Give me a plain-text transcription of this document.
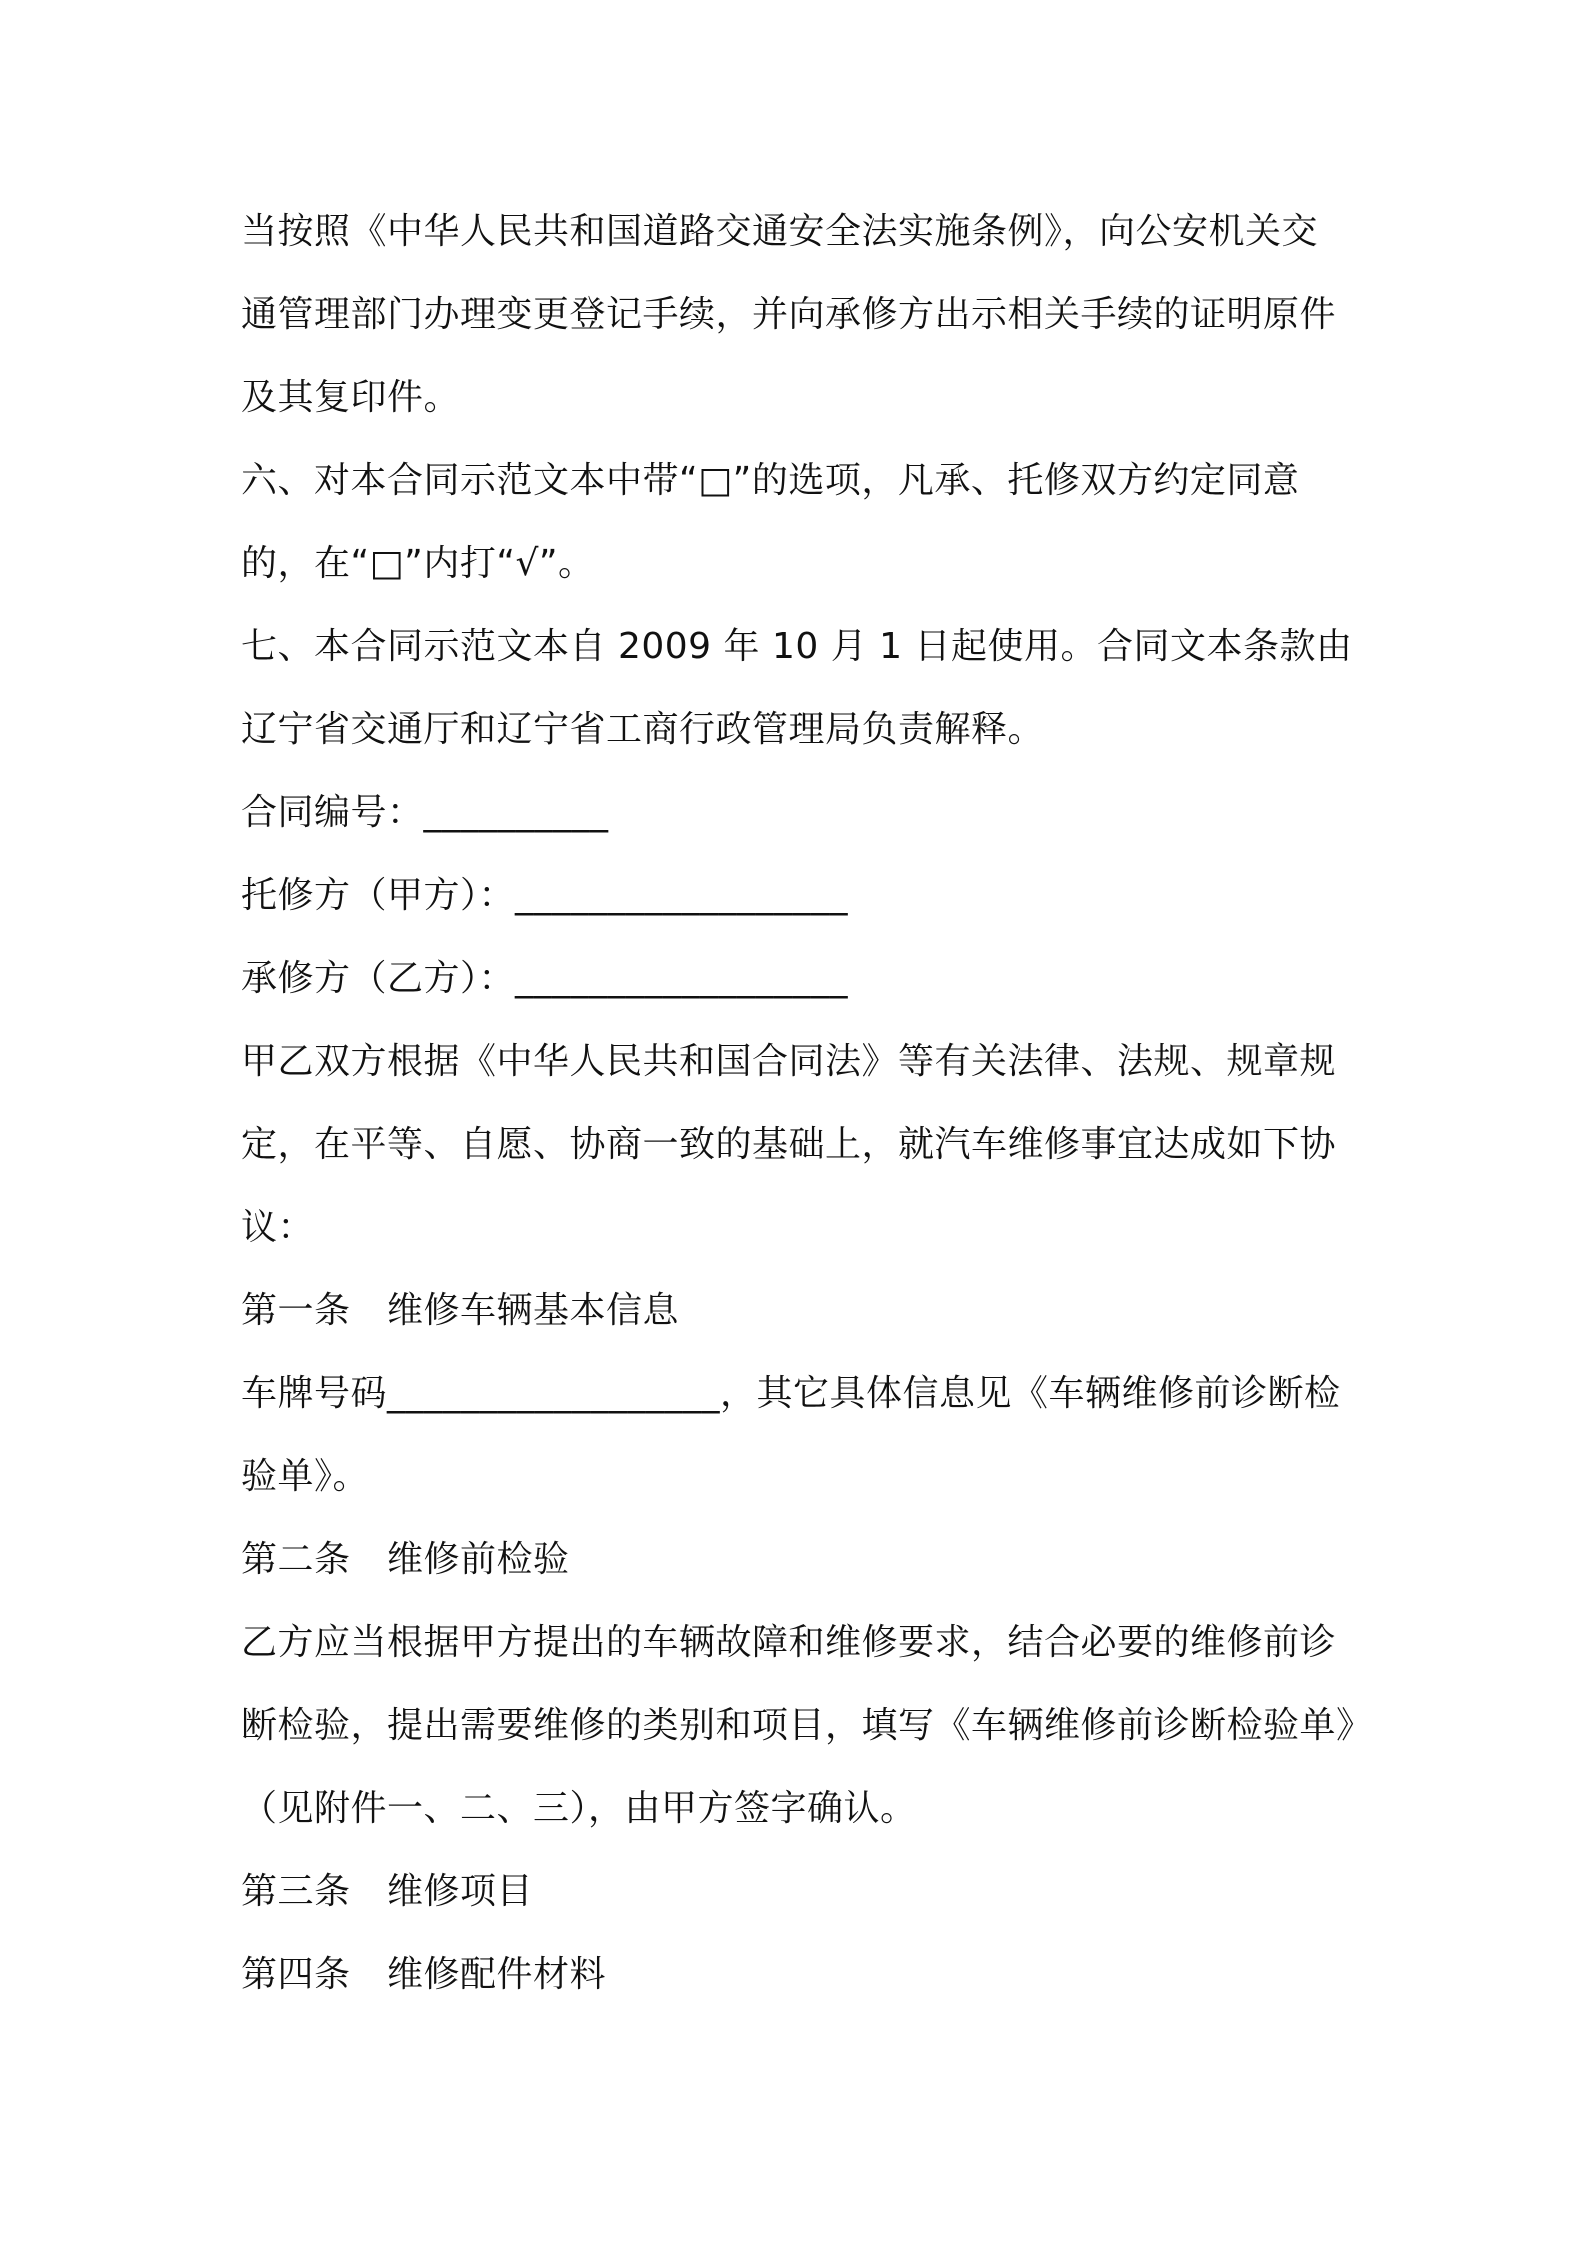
当按照《中华人民共和国道路交通安全法实施条例》，向公安机关交
通管理部门办理变更登记手续，并向承修方出示相关手续的证明原件
及其复印件。
六、对本合同示范文本中带“□”的选项，凡承、托修双方约定同意
的，在“□”内打“√”。
七、本合同示范文本自 2009 年 10 月 1 日起使用。合同文本条款由
辽宁省交通厅和辽宁省工商行政管理局负责解释。
合同编号：__________
托修方（甲方）：__________________
承修方（乙方）：__________________
甲乙双方根据《中华人民共和国合同法》等有关法律、法规、规章规
定，在平等、自愿、协商一致的基础上，就汽车维修事宜达成如下协
议：
第一条　维修车辆基本信息
车牌号码__________________，其它具体信息见《车辆维修前诊断检
验单》。
第二条　维修前检验
乙方应当根据甲方提出的车辆故障和维修要求，结合必要的维修前诊
断检验，提出需要维修的类别和项目，填写《车辆维修前诊断检验单》
（见附件一、二、三），由甲方签字确认。
第三条　维修项目
第四条　维修配件材料
